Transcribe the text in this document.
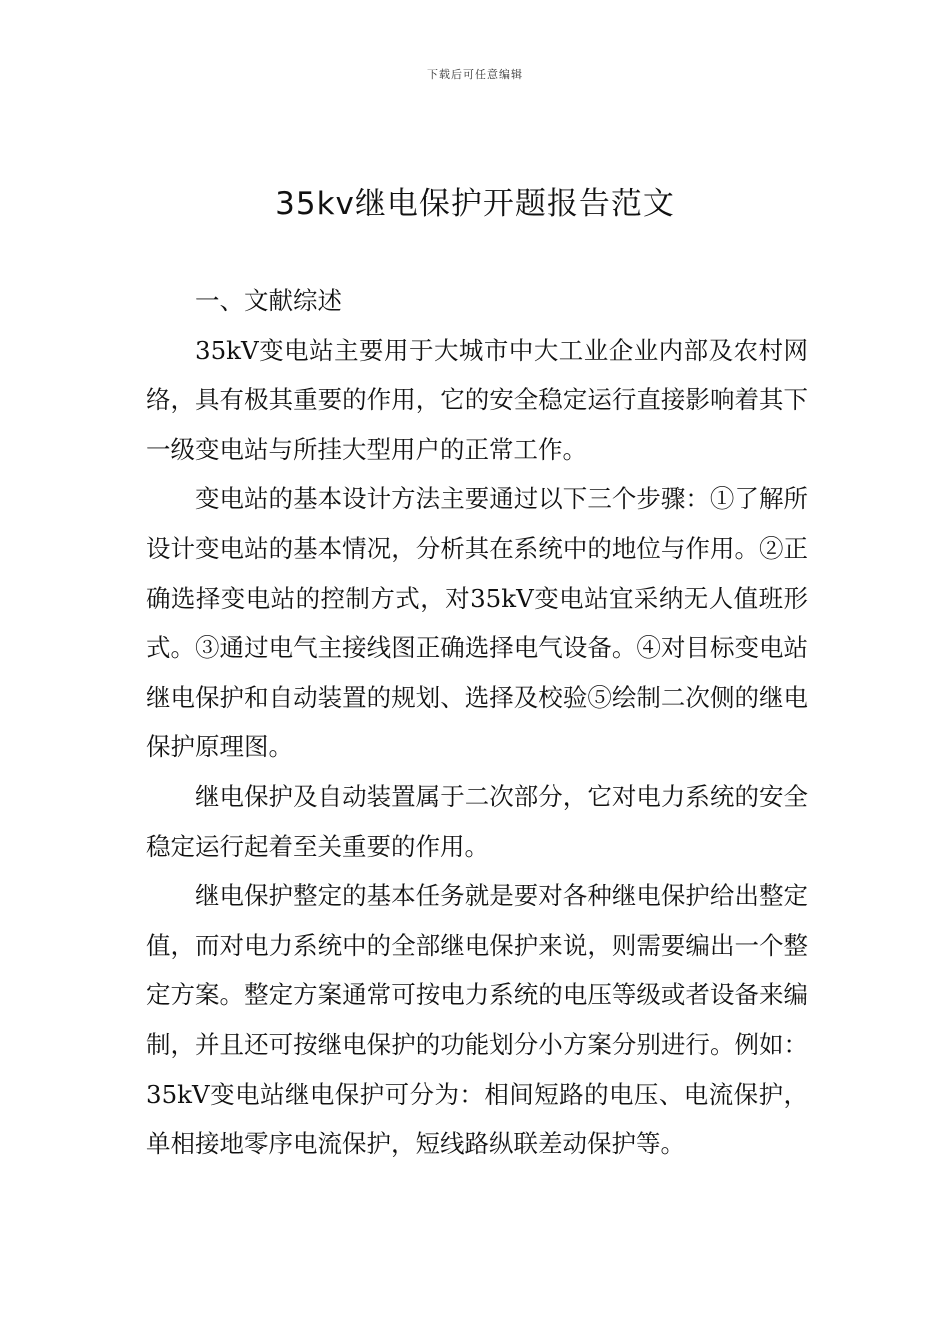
下载后可任意编辑
35kv继电保护开题报告范文

一、文献综述

35kV变电站主要用于大城市中大工业企业内部及农村网络，具有极其重要的作用，它的安全稳定运行直接影响着其下一级变电站与所挂大型用户的正常工作。

变电站的基本设计方法主要通过以下三个步骤：①了解所设计变电站的基本情况，分析其在系统中的地位与作用。②正确选择变电站的控制方式，对35kV变电站宜采纳无人值班形式。③通过电气主接线图正确选择电气设备。④对目标变电站继电保护和自动装置的规划、选择及校验⑤绘制二次侧的继电保护原理图。

继电保护及自动装置属于二次部分，它对电力系统的安全稳定运行起着至关重要的作用。

继电保护整定的基本任务就是要对各种继电保护给出整定值，而对电力系统中的全部继电保护来说，则需要编出一个整定方案。整定方案通常可按电力系统的电压等级或者设备来编制，并且还可按继电保护的功能划分小方案分别进行。例如：35kV变电站继电保护可分为：相间短路的电压、电流保护，单相接地零序电流保护，短线路纵联差动保护等。
